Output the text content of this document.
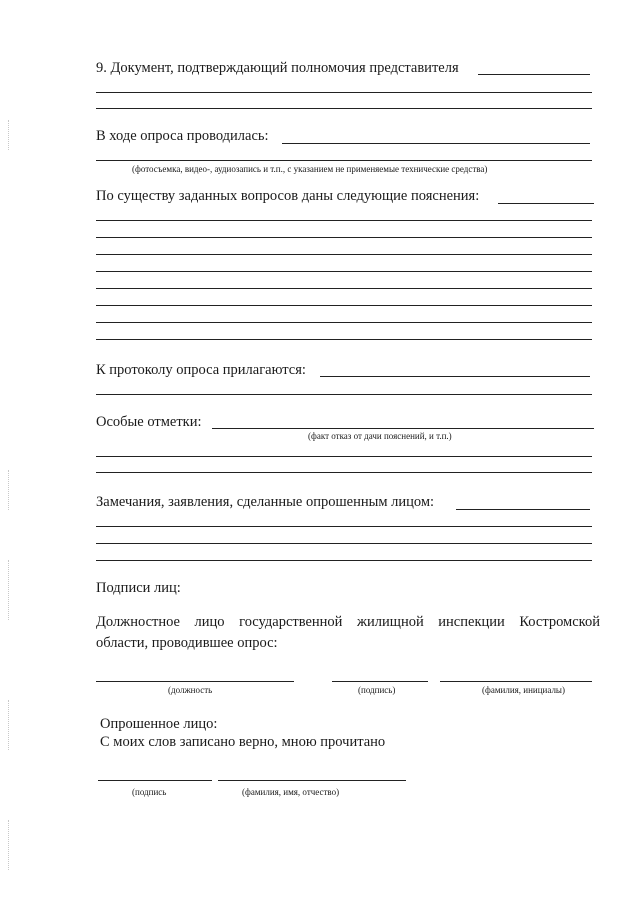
9. Документ, подтверждающий полномочия представителя
В ходе опроса проводилась:
(фотосъемка, видео-, аудиозапись и т.п., с указанием не применяемые технические средства)
По существу заданных вопросов даны следующие пояснения:
К протоколу опроса прилагаются:
Особые отметки:
(факт отказ от дачи пояснений, и т.п.)
Замечания, заявления, сделанные опрошенным лицом:
Подписи лиц:
Должностное лицо государственной жилищной инспекции Костромской
области, проводившее опрос:
(должность	(подпись)	(фамилия, инициалы)
Опрошенное лицо:
С моих слов записано верно, мною прочитано
(подпись	(фамилия, имя, отчество)
